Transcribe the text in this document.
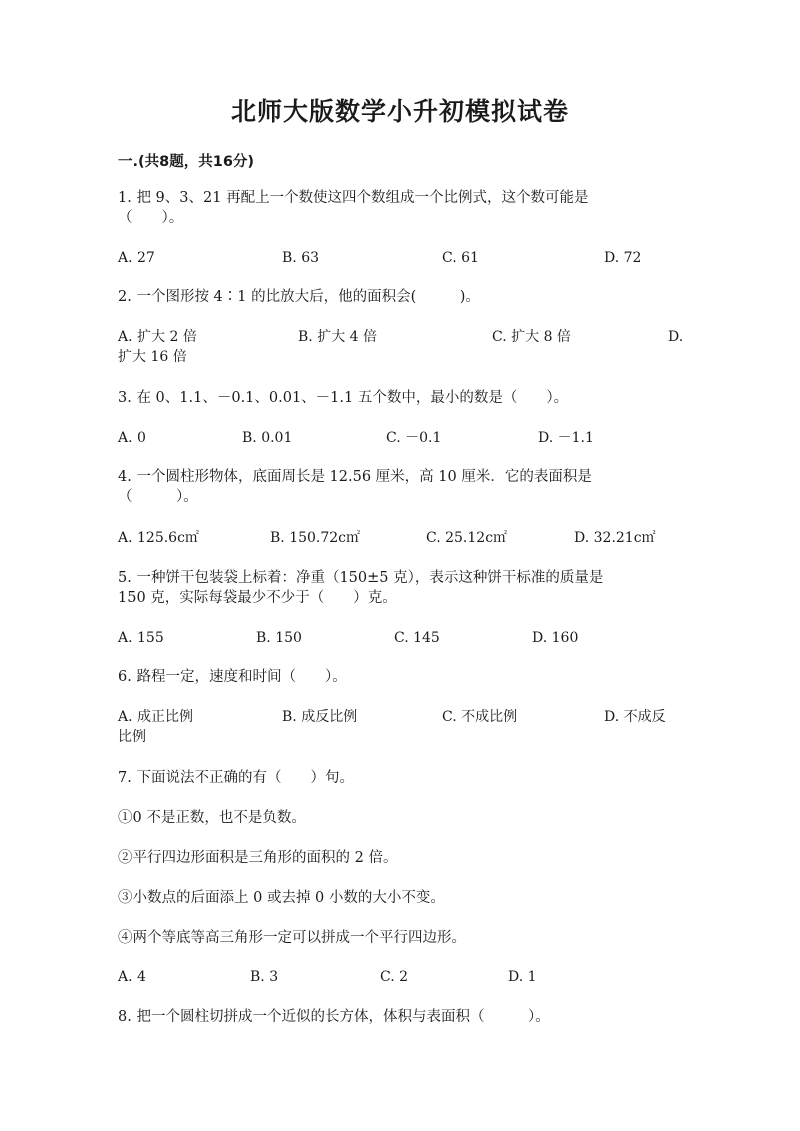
北师大版数学小升初模拟试卷
一.(共8题，共16分)
1. 把 9、3、21 再配上一个数使这四个数组成一个比例式，这个数可能是
（　　）。
A. 27	B. 63	C. 61	D. 72
2. 一个图形按 4∶1 的比放大后，他的面积会(　　　)。
A. 扩大 2 倍	B. 扩大 4 倍	C. 扩大 8 倍	D.
扩大 16 倍
3. 在 0、1.1、－0.1、0.01、－1.1 五个数中，最小的数是（　　）。
A. 0	B. 0.01	C. －0.1	D. －1.1
4. 一个圆柱形物体，底面周长是 12.56 厘米，高 10 厘米．它的表面积是
（　　　）。
A. 125.6c㎡	B. 150.72c㎡	C. 25.12c㎡	D. 32.21c㎡
5. 一种饼干包装袋上标着：净重（150±5 克），表示这种饼干标准的质量是
150 克，实际每袋最少不少于（　　）克。
A. 155	B. 150	C. 145	D. 160
6. 路程一定，速度和时间（　　）。
A. 成正比例	B. 成反比例	C. 不成比例	D. 不成反
比例
7. 下面说法不正确的有（　　）句。
①0 不是正数，也不是负数。
②平行四边形面积是三角形的面积的 2 倍。
③小数点的后面添上 0 或去掉 0 小数的大小不变。
④两个等底等高三角形一定可以拼成一个平行四边形。
A. 4	B. 3	C. 2	D. 1
8. 把一个圆柱切拼成一个近似的长方体，体积与表面积（　　　）。
